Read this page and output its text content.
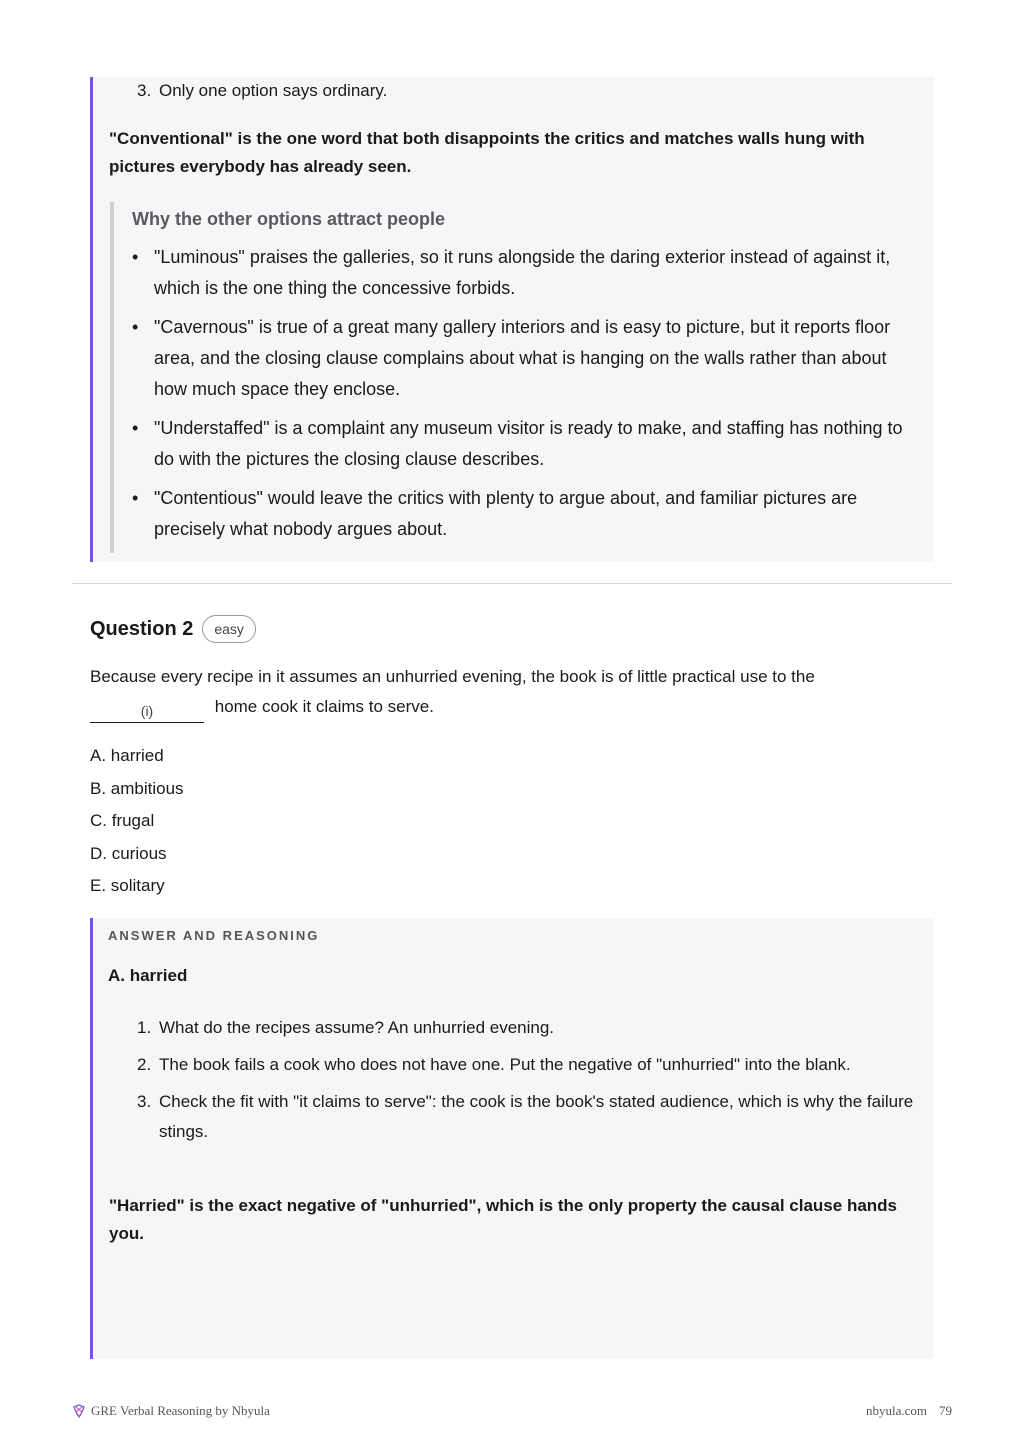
3. Only one option says ordinary.

"Conventional" is the one word that both disappoints the critics and matches walls hung with pictures everybody has already seen.

Why the other options attract people

• "Luminous" praises the galleries, so it runs alongside the daring exterior instead of against it, which is the one thing the concessive forbids.
• "Cavernous" is true of a great many gallery interiors and is easy to picture, but it reports floor area, and the closing clause complains about what is hanging on the walls rather than about how much space they enclose.
• "Understaffed" is a complaint any museum visitor is ready to make, and staffing has nothing to do with the pictures the closing clause describes.
• "Contentious" would leave the critics with plenty to argue about, and familiar pictures are precisely what nobody argues about.
Question 2	easy
Because every recipe in it assumes an unhurried evening, the book is of little practical use to the
(i)	home cook it claims to serve.
A. harried
B. ambitious
C. frugal
D. curious
E. solitary
ANSWER AND REASONING
A. harried
1. What do the recipes assume? An unhurried evening.
2. The book fails a cook who does not have one. Put the negative of "unhurried" into the blank.
3. Check the fit with "it claims to serve": the cook is the book's stated audience, which is why the failure stings.

"Harried" is the exact negative of "unhurried", which is the only property the causal clause hands you.

GRE Verbal Reasoning by Nbyula	nbyula.com 79
